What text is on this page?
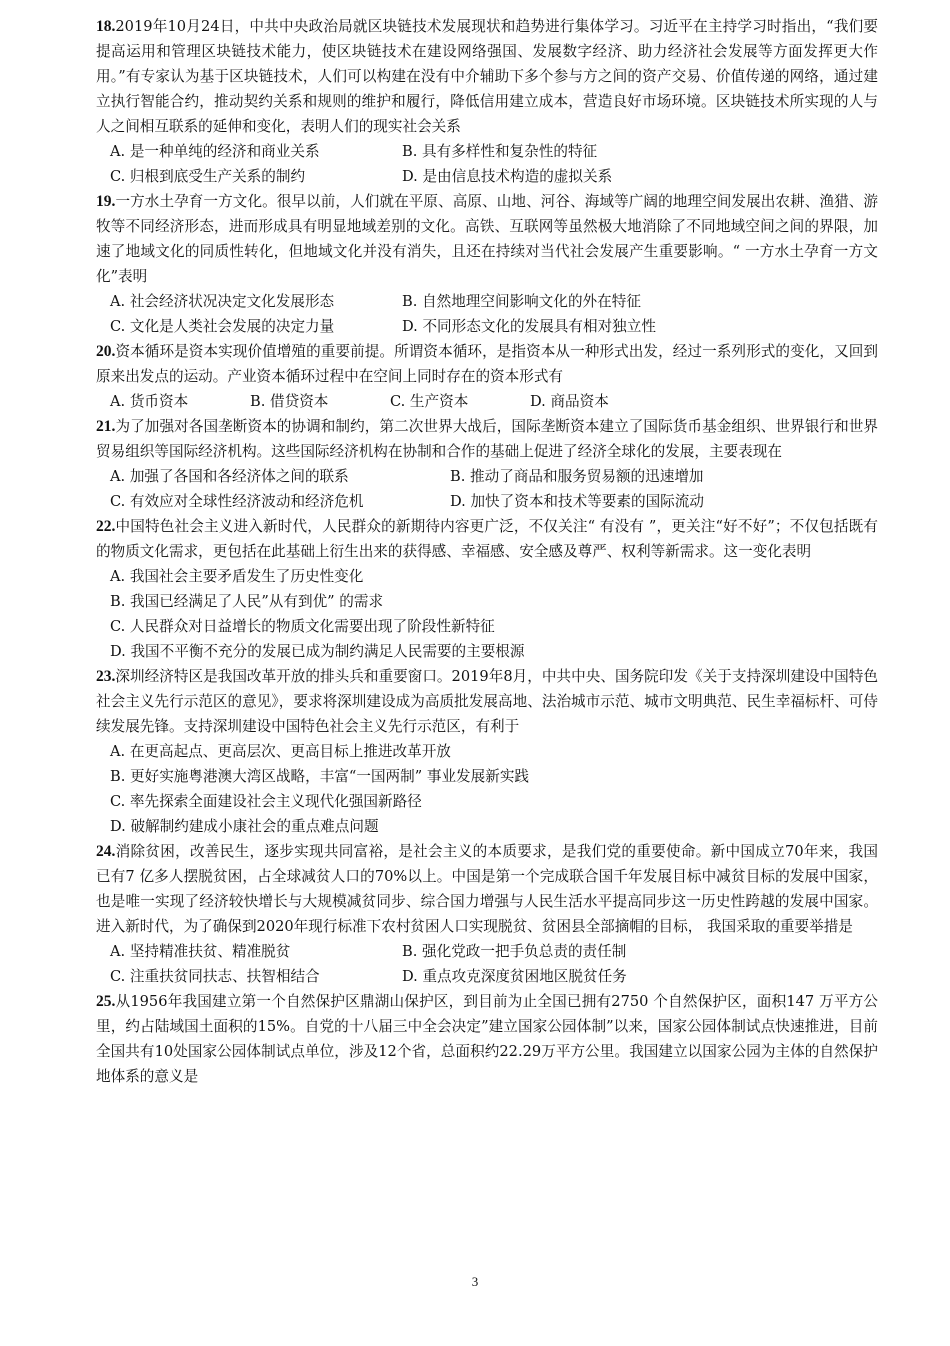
18.2019年10月24日，中共中央政治局就区块链技术发展现状和趋势进行集体学习。习近平在主持学习时指出，“我们要提高运用和管理区块链技术能力，使区块链技术在建设网络强国、发展数字经济、助力经济社会发展等方面发挥更大作用。”有专家认为基于区块链技术，人们可以构建在没有中介辅助下多个参与方之间的资产交易、价值传递的网络，通过建立执行智能合约，推动契约关系和规则的维护和履行，降低信用建立成本，营造良好市场环境。区块链技术所实现的人与人之间相互联系的延伸和变化，表明人们的现实社会关系

A. 是一种单纯的经济和商业关系	B. 具有多样性和复杂性的特征
C. 归根到底受生产关系的制约	D. 是由信息技术构造的虚拟关系

19.一方水土孕育一方文化。很早以前，人们就在平原、高原、山地、河谷、海域等广阔的地理空间发展出农耕、渔猎、游牧等不同经济形态，进而形成具有明显地域差别的文化。高铁、互联网等虽然极大地消除了不同地域空间之间的界限，加速了地域文化的同质性转化，但地域文化并没有消失，且还在持续对当代社会发展产生重要影响。“ 一方水土孕育一方文化”表明

A. 社会经济状况决定文化发展形态	B. 自然地理空间影响文化的外在特征
C. 文化是人类社会发展的决定力量	D. 不同形态文化的发展具有相对独立性

20.资本循环是资本实现价值增殖的重要前提。所谓资本循环，是指资本从一种形式出发，经过一系列形式的变化，又回到原来出发点的运动。产业资本循环过程中在空间上同时存在的资本形式有

A. 货币资本	B. 借贷资本	C. 生产资本	D. 商品资本

21.为了加强对各国垄断资本的协调和制约，第二次世界大战后，国际垄断资本建立了国际货币基金组织、世界银行和世界贸易组织等国际经济机构。这些国际经济机构在协制和合作的基础上促进了经济全球化的发展，主要表现在

A. 加强了各国和各经济体之间的联系	B. 推动了商品和服务贸易额的迅速增加
C. 有效应对全球性经济波动和经济危机	D. 加快了资本和技术等要素的国际流动

22.中国特色社会主义进入新时代，人民群众的新期待内容更广泛，不仅关注“ 有没有 ”，更关注“好不好”；不仅包括既有的物质文化需求，更包括在此基础上衍生出来的获得感、幸福感、安全感及尊严、权利等新需求。这一变化表明

A. 我国社会主要矛盾发生了历史性变化
B. 我国已经满足了人民”从有到优” 的需求
C. 人民群众对日益增长的物质文化需要出现了阶段性新特征
D. 我国不平衡不充分的发展已成为制约满足人民需要的主要根源

23.深圳经济特区是我国改革开放的排头兵和重要窗口。2019年8月，中共中央、国务院印发《关于支持深圳建设中国特色社会主义先行示范区的意见》，要求将深圳建设成为高质批发展高地、法治城市示范、城市文明典范、民生幸福标杆、可侍续发展先锋。支持深圳建设中国特色社会主义先行示范区，有利于

A. 在更高起点、更高层次、更高目标上推进改革开放
B. 更好实施粤港澳大湾区战略，丰富“一国两制” 事业发展新实践
C. 率先探索全面建设社会主义现代化强国新路径
D. 破解制约建成小康社会的重点难点问题

24.消除贫困，改善民生，逐步实现共同富裕，是社会主义的本质要求，是我们党的重要使命。新中国成立70年来，我国已有7 亿多人摆脱贫困，占全球减贫人口的70%以上。中国是第一个完成联合国千年发展目标中减贫目标的发展中国家，也是唯一实现了经济较快增长与大规模减贫同步、综合国力增强与人民生活水平提高同步这一历史性跨越的发展中国家。进入新时代，为了确保到2020年现行标准下农村贫困人口实现脱贫、贫困县全部摘帽的目标， 我国采取的重要举措是

A. 坚持精准扶贫、精准脱贫	B. 强化党政一把手负总责的责任制
C. 注重扶贫同扶志、扶智相结合	D. 重点攻克深度贫困地区脱贫任务

25.从1956年我国建立第一个自然保护区鼎湖山保护区，到目前为止全国已拥有2750 个自然保护区，面积147 万平方公里，约占陆域国土面积的15%。自党的十八届三中全会决定”建立国家公园体制”以来，国家公园体制试点快速推进，目前全国共有10处国家公园体制试点单位，涉及12个省，总面积约22.29万平方公里。我国建立以国家公园为主体的自然保护地体系的意义是

3
